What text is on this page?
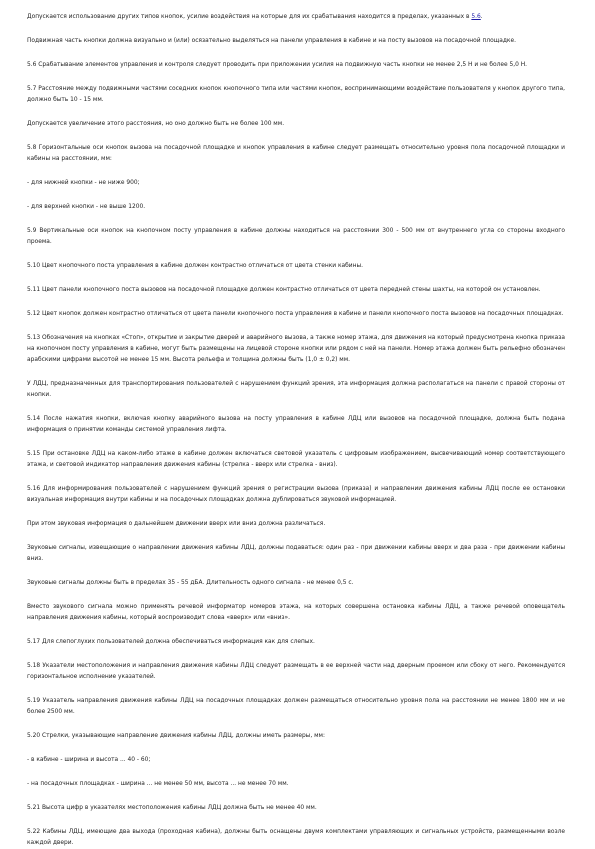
Допускается использование других типов кнопок, усилие воздействия на которые для их срабатывания находится в пределах, указанных в 5.6.

Подвижная часть кнопки должна визуально и (или) осязательно выделяться на панели управления в кабине и на посту вызовов на посадочной площадке.

5.6 Срабатывание элементов управления и контроля следует проводить при приложении усилия на подвижную часть кнопки не менее 2,5 Н и не более 5,0 Н.

5.7 Расстояние между подвижными частями соседних кнопок кнопочного типа или частями кнопок, воспринимающими воздействие пользователя у кнопок другого типа, должно быть 10 - 15 мм.

Допускается увеличение этого расстояния, но оно должно быть не более 100 мм.

5.8 Горизонтальные оси кнопок вызова на посадочной площадке и кнопок управления в кабине следует размещать относительно уровня пола посадочной площадки и кабины на расстоянии, мм:

- для нижней кнопки - не ниже 900;

- для верхней кнопки - не выше 1200.

5.9 Вертикальные оси кнопок на кнопочном посту управления в кабине должны находиться на расстоянии 300 - 500 мм от внутреннего угла со стороны входного проема.

5.10 Цвет кнопочного поста управления в кабине должен контрастно отличаться от цвета стенки кабины.

5.11 Цвет панели кнопочного поста вызовов на посадочной площадке должен контрастно отличаться от цвета передней стены шахты, на которой он установлен.

5.12 Цвет кнопок должен контрастно отличаться от цвета панели кнопочного поста управления в кабине и панели кнопочного поста вызовов на посадочных площадках.

5.13 Обозначения на кнопках «Стоп», открытие и закрытие дверей и аварийного вызова, а также номер этажа, для движения на который предусмотрена кнопка приказа на кнопочном посту управления в кабине, могут быть размещены на лицевой стороне кнопки или рядом с ней на панели. Номер этажа должен быть рельефно обозначен арабскими цифрами высотой не менее 15 мм. Высота рельефа и толщина должны быть (1,0 ± 0,2) мм.

У ЛДЦ, предназначенных для транспортирования пользователей с нарушением функций зрения, эта информация должна располагаться на панели с правой стороны от кнопки.

5.14 После нажатия кнопки, включая кнопку аварийного вызова на посту управления в кабине ЛДЦ или вызовов на посадочной площадке, должна быть подана информация о принятии команды системой управления лифта.

5.15 При остановке ЛДЦ на каком-либо этаже в кабине должен включаться световой указатель с цифровым изображением, высвечивающий номер соответствующего этажа, и световой индикатор направления движения кабины (стрелка - вверх или стрелка - вниз).

5.16 Для информирования пользователей с нарушением функций зрения о регистрации вызова (приказа) и направлении движения кабины ЛДЦ после ее остановки визуальная информация внутри кабины и на посадочных площадках должна дублироваться звуковой информацией.

При этом звуковая информация о дальнейшем движении вверх или вниз должна различаться.

Звуковые сигналы, извещающие о направлении движения кабины ЛДЦ, должны подаваться: один раз - при движении кабины вверх и два раза - при движении кабины вниз.

Звуковые сигналы должны быть в пределах 35 - 55 дБА. Длительность одного сигнала - не менее 0,5 с.

Вместо звукового сигнала можно применять речевой информатор номеров этажа, на которых совершена остановка кабины ЛДЦ, а также речевой оповещатель направления движения кабины, который воспроизводит слова «вверх» или «вниз».

5.17 Для слепоглухих пользователей должна обеспечиваться информация как для слепых.

5.18 Указатели местоположения и направления движения кабины ЛДЦ следует размещать в ее верхней части над дверным проемом или сбоку от него. Рекомендуется горизонтальное исполнение указателей.

5.19 Указатель направления движения кабины ЛДЦ на посадочных площадках должен размещаться относительно уровня пола на расстоянии не менее 1800 мм и не более 2500 мм.

5.20 Стрелки, указывающие направление движения кабины ЛДЦ, должны иметь размеры, мм:

- в кабине - ширина и высота ... 40 - 60;

- на посадочных площадках - ширина ... не менее 50 мм, высота ... не менее 70 мм.

5.21 Высота цифр в указателях местоположения кабины ЛДЦ должна быть не менее 40 мм.

5.22 Кабины ЛДЦ, имеющие два выхода (проходная кабина), должны быть оснащены двумя комплектами управляющих и сигнальных устройств, размещенными возле каждой двери.
